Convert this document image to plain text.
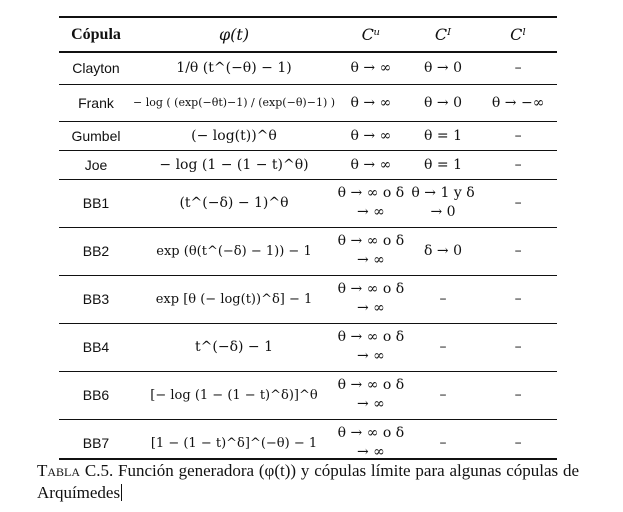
Cópula	φ(t)	Cᵘ	Cᴵ	Cˡ
Clayton	1/θ (t^(−θ) − 1)	θ → ∞	θ → 0	–
Frank	− log ( (exp(−θt)−1) / (exp(−θ)−1) )	θ → ∞	θ → 0	θ → −∞
Gumbel	(− log(t))^θ	θ → ∞	θ = 1	–
Joe	− log (1 − (1 − t)^θ)	θ → ∞	θ = 1	–
BB1	(t^(−δ) − 1)^θ	θ → ∞ o δ → ∞	θ → 1 y δ → 0	–
BB2	exp (θ(t^(−δ) − 1)) − 1	θ → ∞ o δ → ∞	δ → 0	–
BB3	exp [θ (− log(t))^δ] − 1	θ → ∞ o δ → ∞	–	–
BB4	t^(−δ) − 1	θ → ∞ o δ → ∞	–	–
BB6	[− log (1 − (1 − t)^δ)]^θ	θ → ∞ o δ → ∞	–	–
BB7	[1 − (1 − t)^δ]^(−θ) − 1	θ → ∞ o δ → ∞	–	–
Tabla C.5. Función generadora (φ(t)) y cópulas límite para algunas cópulas de Arquímedes
